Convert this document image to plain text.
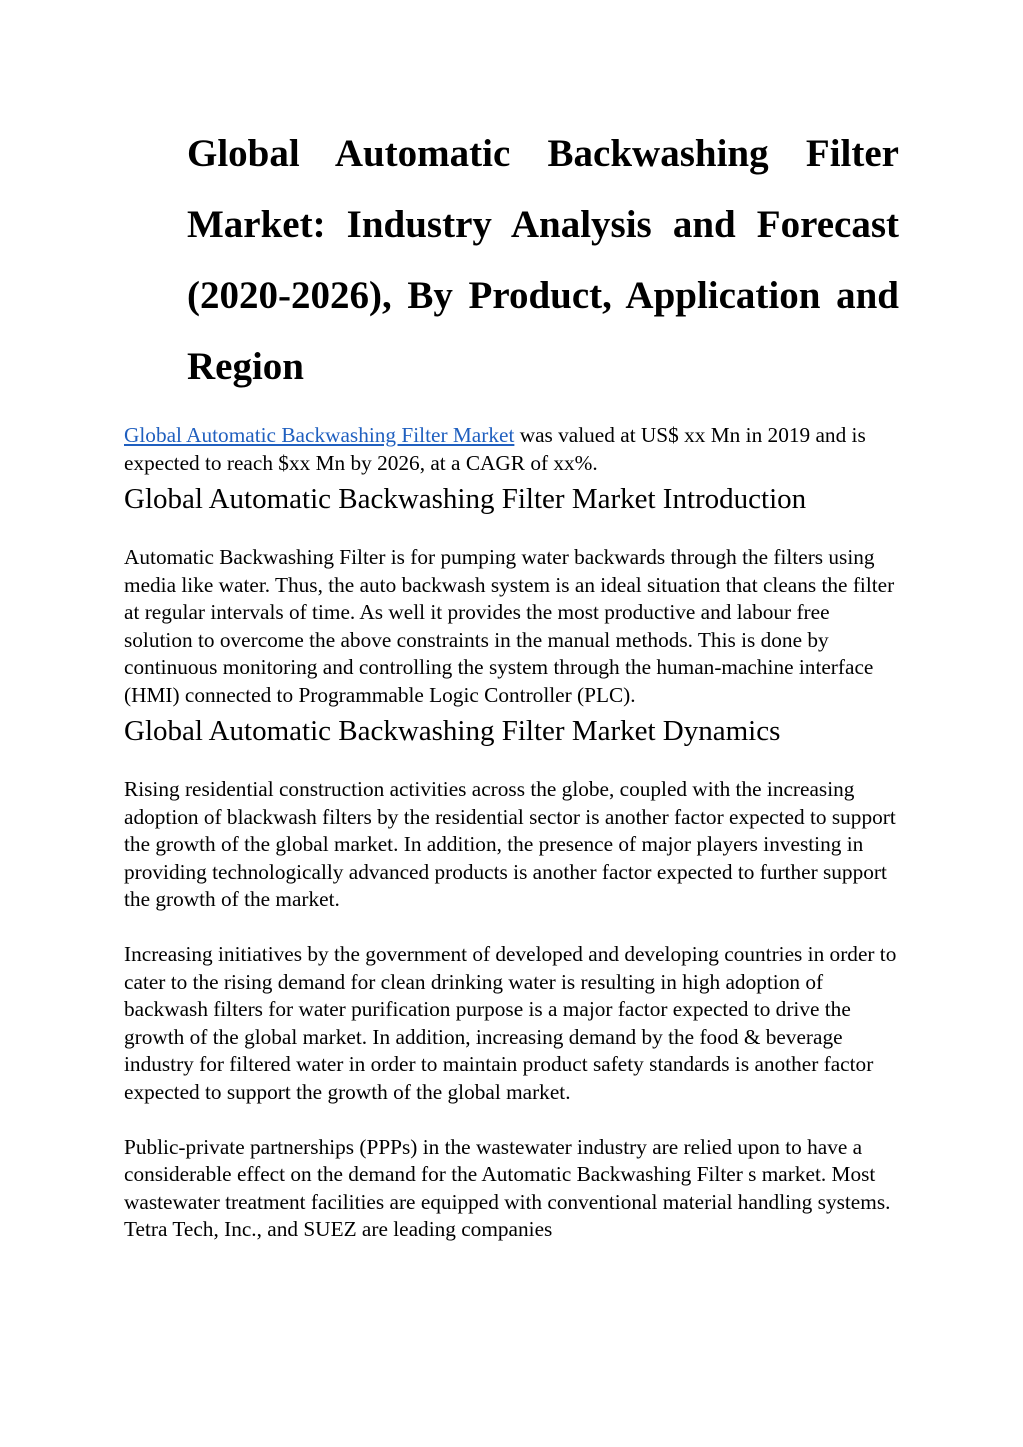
Global Automatic Backwashing Filter Market: Industry Analysis and Forecast (2020-2026), By Product, Application and Region

Global Automatic Backwashing Filter Market was valued at US$ xx Mn in 2019 and is expected to reach $xx Mn by 2026, at a CAGR of xx%.

Global Automatic Backwashing Filter Market Introduction

Automatic Backwashing Filter is for pumping water backwards through the filters using media like water. Thus, the auto backwash system is an ideal situation that cleans the filter at regular intervals of time. As well it provides the most productive and labour free solution to overcome the above constraints in the manual methods. This is done by continuous monitoring and controlling the system through the human-machine interface (HMI) connected to Programmable Logic Controller (PLC).

Global Automatic Backwashing Filter Market Dynamics

Rising residential construction activities across the globe, coupled with the increasing adoption of blackwash filters by the residential sector is another factor expected to support the growth of the global market. In addition, the presence of major players investing in providing technologically advanced products is another factor expected to further support the growth of the market.

Increasing initiatives by the government of developed and developing countries in order to cater to the rising demand for clean drinking water is resulting in high adoption of backwash filters for water purification purpose is a major factor expected to drive the growth of the global market. In addition, increasing demand by the food & beverage industry for filtered water in order to maintain product safety standards is another factor expected to support the growth of the global market.

Public-private partnerships (PPPs) in the wastewater industry are relied upon to have a considerable effect on the demand for the Automatic Backwashing Filter s market. Most wastewater treatment facilities are equipped with conventional material handling systems. Tetra Tech, Inc., and SUEZ are leading companies
